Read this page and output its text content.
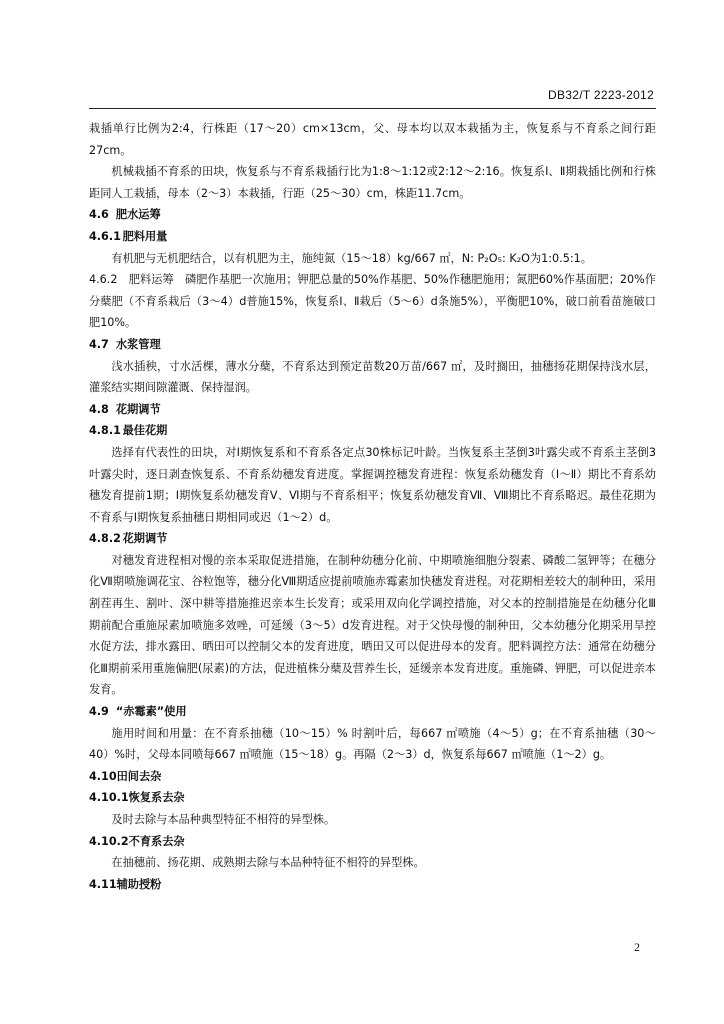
DB32/T 2223-2012

栽插单行比例为2:4，行株距（17～20）cm×13cm，父、母本均以双本栽插为主，恢复系与不育系之间行距27cm。

机械栽插不育系的田块，恢复系与不育系栽插行比为1:8～1:12或2:12～2:16。恢复系Ⅰ、Ⅱ期栽插比例和行株距同人工栽插，母本（2～3）本栽插，行距（25～30）cm，株距11.7cm。

4.6 肥水运筹
4.6.1 肥料用量

有机肥与无机肥结合，以有机肥为主，施纯氮（15～18）kg/667 ㎡，N: P₂O₅: K₂O为1:0.5:1。

4.6.2　肥料运筹　磷肥作基肥一次施用；钾肥总量的50%作基肥、50%作穗肥施用；氮肥60%作基面肥；20%作分蘖肥（不育系栽后（3～4）d普施15%，恢复系Ⅰ、Ⅱ栽后（5～6）d条施5%），平衡肥10%，破口前看苗施破口肥10%。

4.7 水浆管理

浅水插秧，寸水活棵，薄水分蘖，不育系达到预定苗数20万苗/667 ㎡，及时搁田，抽穗扬花期保持浅水层，灌浆结实期间隙灌溉、保持湿润。

4.8 花期调节
4.8.1 最佳花期

选择有代表性的田块，对Ⅰ期恢复系和不育系各定点30株标记叶龄。当恢复系主茎倒3叶露尖或不育系主茎倒3叶露尖时，逐日剥查恢复系、不育系幼穗发育进度。掌握调控穗发育进程：恢复系幼穗发育（Ⅰ～Ⅱ）期比不育系幼穗发育提前1期；Ⅰ期恢复系幼穗发育Ⅴ、Ⅵ期与不育系相平；恢复系幼穗发育Ⅶ、Ⅷ期比不育系略迟。最佳花期为不育系与Ⅰ期恢复系抽穗日期相同或迟（1～2）d。

4.8.2 花期调节

对穗发育进程相对慢的亲本采取促进措施，在制种幼穗分化前、中期喷施细胞分裂素、磷酸二氢钾等；在穗分化Ⅶ期喷施调花宝、谷粒饱等，穗分化Ⅷ期适应提前喷施赤霉素加快穗发育进程。对花期相差较大的制种田，采用割茬再生、割叶、深中耕等措施推迟亲本生长发育；或采用双向化学调控措施，对父本的控制措施是在幼穗分化Ⅲ期前配合重施尿素加喷施多效唑，可延缓（3～5）d发育进程。对于父快母慢的制种田，父本幼穗分化期采用旱控水促方法，排水露田、晒田可以控制父本的发育进度，晒田又可以促进母本的发育。肥料调控方法：通常在幼穗分化Ⅲ期前采用重施偏肥(尿素)的方法，促进植株分蘖及营养生长，延缓亲本发育进度。重施磷、钾肥，可以促进亲本发育。

4.9 “赤霉素”使用

施用时间和用量：在不育系抽穗（10～15）% 时割叶后，每667 ㎡喷施（4～5）g；在不育系抽穗（30～40）%时，父母本同喷每667 ㎡喷施（15～18）g。再隔（2～3）d，恢复系每667 ㎡喷施（1～2）g。

4.10田间去杂
4.10.1恢复系去杂

及时去除与本品种典型特征不相符的异型株。

4.10.2不育系去杂

在抽穗前、扬花期、成熟期去除与本品种特征不相符的异型株。

4.11辅助授粉
2
